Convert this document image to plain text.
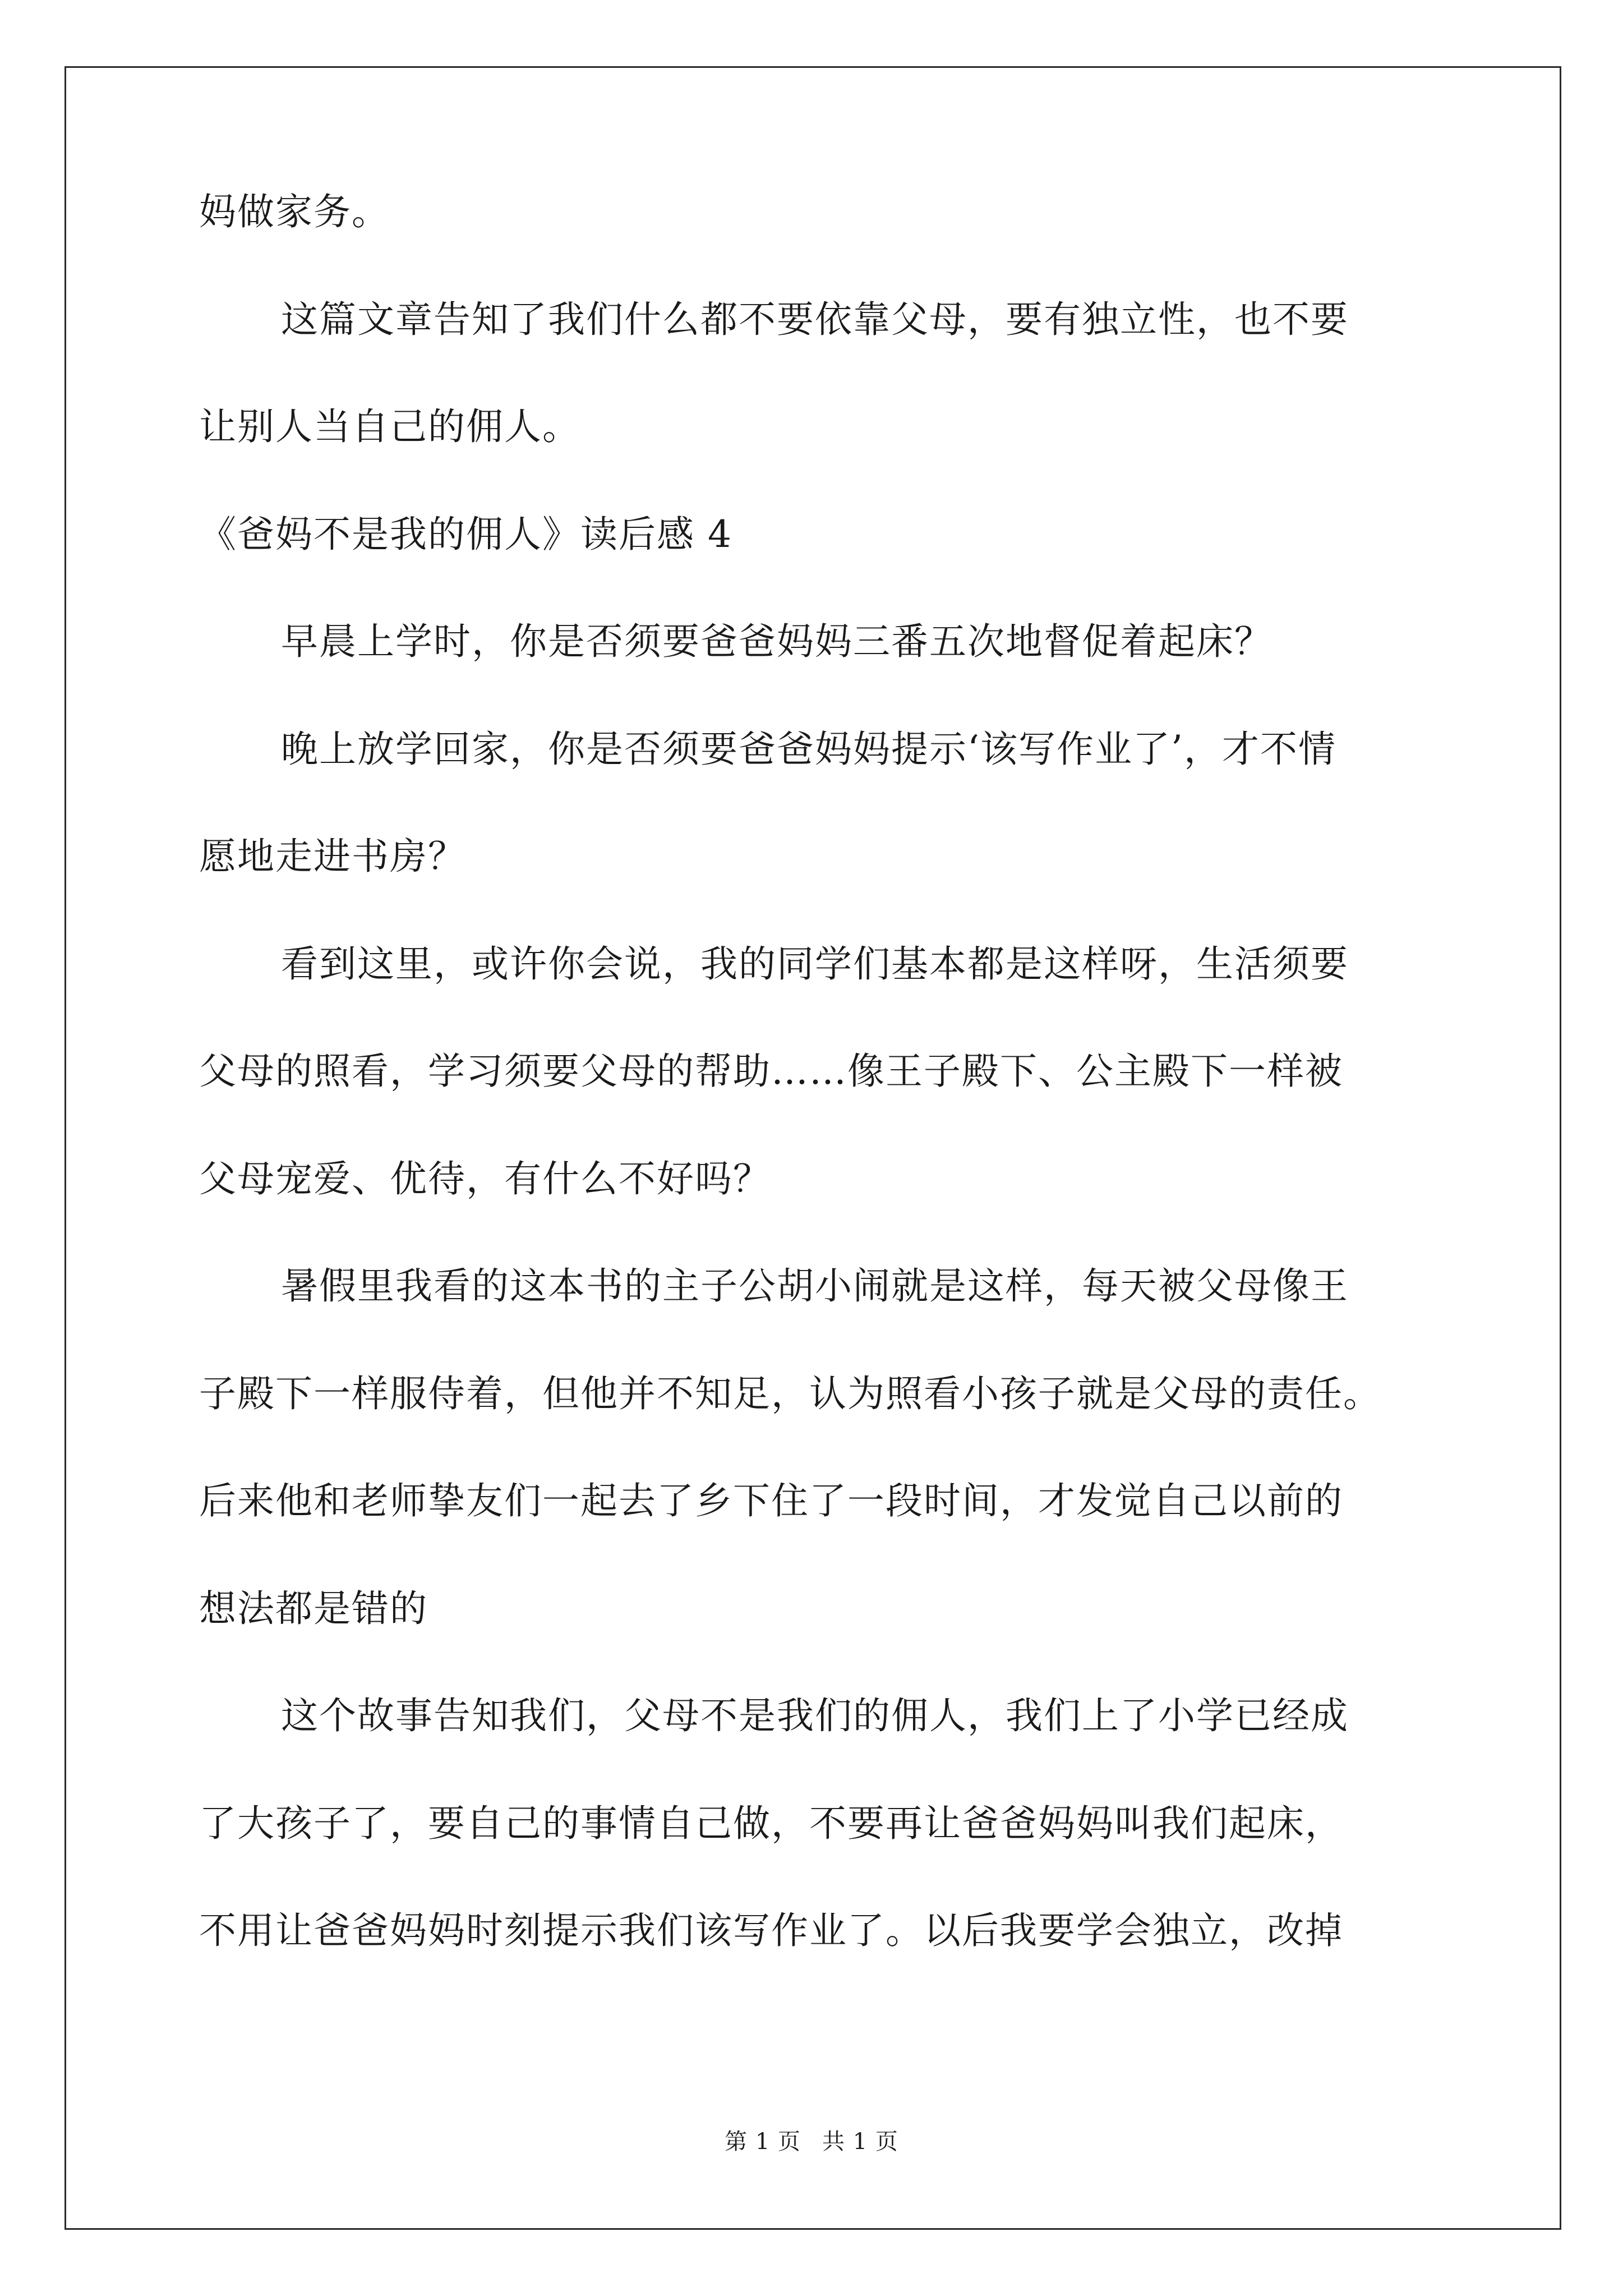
妈做家务。
这篇文章告知了我们什么都不要依靠父母，要有独立性，也不要
让别人当自己的佣人。
《爸妈不是我的佣人》读后感 4
早晨上学时，你是否须要爸爸妈妈三番五次地督促着起床？
晚上放学回家，你是否须要爸爸妈妈提示‘该写作业了’，才不情
愿地走进书房？
看到这里，或许你会说，我的同学们基本都是这样呀，生活须要
父母的照看，学习须要父母的帮助……像王子殿下、公主殿下一样被
父母宠爱、优待，有什么不好吗？
暑假里我看的这本书的主子公胡小闹就是这样，每天被父母像王
子殿下一样服侍着，但他并不知足，认为照看小孩子就是父母的责任。
后来他和老师挚友们一起去了乡下住了一段时间，才发觉自己以前的
想法都是错的
这个故事告知我们，父母不是我们的佣人，我们上了小学已经成
了大孩子了，要自己的事情自己做，不要再让爸爸妈妈叫我们起床，
不用让爸爸妈妈时刻提示我们该写作业了。以后我要学会独立，改掉
第 1 页 共 1 页
